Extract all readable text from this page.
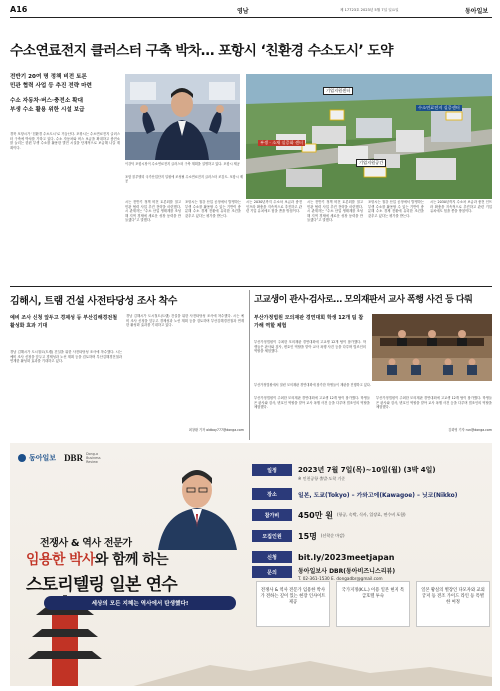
A16	영남	제 17723호 2023년 5월 7일 일요일	동아일보
수소연료전지 클러스터 구축 박차… 포항시 ‘친환경 수소도시’ 도약
전반기 20여 명 정책 비전 토론
민관 협력 사업 등 추진 전략 마련
수소 자동차·버스·충전소 확대
부생 수소 활용 위한 시설 보급
경북 포항시가 ‘친환경 수소도시’로 거듭난다. 포항시는 수소연료전지 클러스터 구축에 박차를 가하고 있다. 수소 자동차와 버스 보급을 확대하고 충전소를 늘리는 한편 부생 수소를 활용한 발전 시설을 단계적으로 보급해 나갈 계획이다.
이강덕 포항시장이 수소연료전지 클러스터 구축 계획을 설명하고 있다. 포항시 제공
기업지원센터
수소연료전지 실증센터
부생 · 소재 실증화 센터
기업지원공간
포항 블루밸리 국가산업단지 일원에 조성될 수소연료전지 클러스터 조감도. 포항시 제공
시는 전반기 정책 비전 토론회를 열고 민관 협력 사업 추진 전략을 마련했다. 시 관계자는 “수소 산업 생태계를 조성해 지역 경제에 새로운 성장 동력을 만들겠다”고 말했다.
포항시는 철강 산업 공정에서 발생하는 부생 수소를 활용할 수 있는 기반이 충분해 수소 경제 전환에 유리한 조건을 갖추고 있다는 평가를 받는다.
시는 2030년까지 수소차 보급과 충전 인프라 확충을 지속적으로 추진하고 관련 기업 유치에도 힘을 쏟을 방침이다.
시는 전반기 정책 비전 토론회를 열고 민관 협력 사업 추진 전략을 마련했다. 시 관계자는 “수소 산업 생태계를 조성해 지역 경제에 새로운 성장 동력을 만들겠다”고 말했다.
포항시는 철강 산업 공정에서 발생하는 부생 수소를 활용할 수 있는 기반이 충분해 수소 경제 전환에 유리한 조건을 갖추고 있다는 평가를 받는다.
시는 2030년까지 수소차 보급과 충전 인프라 확충을 지속적으로 추진하고 관련 기업 유치에도 힘을 쏟을 방침이다.
김해시, 트램 건설 사전타당성 조사 착수
예비 조사 신청 앞두고 경제성 등 부산김해경전철 활성화 효과 기대
경남 김해시가 도시철도(트램) 건설을 위한 사전타당성 조사에 착수했다. 시는 예비 조사 신청을 앞두고 경제성과 노선 계획 등을 검토하며 부산김해경전철과 연계한 활성화 효과를 기대하고 있다.
경남 김해시가 도시철도(트램) 건설을 위한 사전타당성 조사에 착수했다. 시는 예비 조사 신청을 앞두고 경제성과 노선 계획 등을 검토하며 부산김해경전철과 연계한 활성화 효과를 기대하고 있다.
최창환 기자 oldboy777@donga.com
고교생이 관사·검사로… 모의재판서 교사 폭행 사건 등 다뤄
부산가정법원 모의재판 경연대회 학생 12개 팀 참가해 역할 체험
부산가정법원이 주최한 모의재판 경연대회에 고교생 12개 팀이 참가했다. 학생들은 판사와 검사, 변호인 역할을 맡아 교사 폭행 사건 등을 다루며 법조인의 역할을 체험했다.
부산가정법원에서 열린 모의재판 경연대회에 참가한 학생들이 재판을 진행하고 있다.
부산가정법원이 주최한 모의재판 경연대회에 고교생 12개 팀이 참가했다. 학생들은 판사와 검사, 변호인 역할을 맡아 교사 폭행 사건 등을 다루며 법조인의 역할을 체험했다.
부산가정법원이 주최한 모의재판 경연대회에 고교생 12개 팀이 참가했다. 학생들은 판사와 검사, 변호인 역할을 맡아 교사 폭행 사건 등을 다루며 법조인의 역할을 체험했다.
김화영 기자 run@donga.com
동아일보 DBR Dong-a Business Review
전쟁사 & 역사 전문가
임용한 박사와 함께 하는
스토리텔링 일본 연수
세상의 모든 지혜는 역사에서 탄생했다!
일정	2023년 7월 7일(목)~10일(월) (3박 4일)
※ 인천공항 출발·도착 기준
장소	일본, 도쿄(Tokyo) – 가와고에(Kawagoe) – 닛코(Nikko)
참가비	450만 원 (항공, 숙박, 식사, 입장료, 연수비 포함)
모집인원	15명 (선착순 마감)
신청	bit.ly/2023meetjapan
문의	동아일보사 DBR(동아비즈니스리뷰)
T. 02-361-1530 E. dongadbr@gmail.com
전쟁사 & 역사 전문가 임용한 박사가 전하는 깊이 있는 현장 인사이트 제공
국가지정(K.L.) 이용 일본 현지 특급호텔 투숙
일본 황실의 별장인 다모자와 교외궁저 등 전조 가이드 라인 등 특별한 여정
